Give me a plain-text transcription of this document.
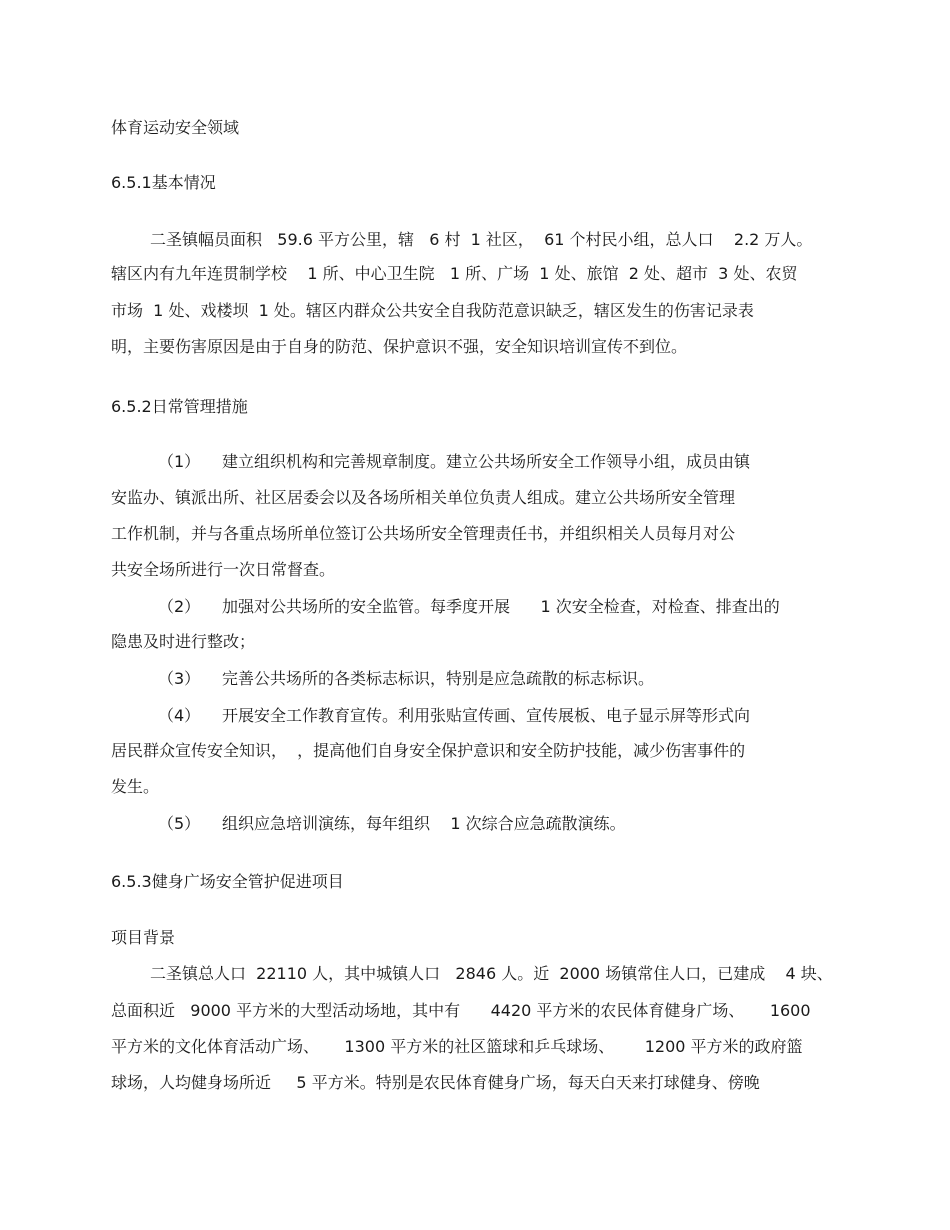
体育运动安全领域

6.5.1基本情况

二圣镇幅员面积   59.6 平方公里，辖   6 村  1 社区，  61 个村民小组，总人口    2.2 万人。

辖区内有九年连贯制学校    1 所、中心卫生院   1 所、广场  1 处、旅馆  2 处、超市  3 处、农贸

市场  1 处、戏楼坝  1 处。辖区内群众公共安全自我防范意识缺乏，辖区发生的伤害记录表

明，主要伤害原因是由于自身的防范、保护意识不强，安全知识培训宣传不到位。

6.5.2日常管理措施

（1） 建立组织机构和完善规章制度。建立公共场所安全工作领导小组，成员由镇

安监办、镇派出所、社区居委会以及各场所相关单位负责人组成。建立公共场所安全管理

工作机制，并与各重点场所单位签订公共场所安全管理责任书，并组织相关人员每月对公

共安全场所进行一次日常督查。

（2） 加强对公共场所的安全监管。每季度开展      1 次安全检查，对检查、排查出的

隐患及时进行整改；

（3） 完善公共场所的各类标志标识，特别是应急疏散的标志标识。

（4） 开展安全工作教育宣传。利用张贴宣传画、宣传展板、电子显示屏等形式向

居民群众宣传安全知识，  ，提高他们自身安全保护意识和安全防护技能，减少伤害事件的

发生。

（5） 组织应急培训演练，每年组织    1 次综合应急疏散演练。

6.5.3健身广场安全管护促进项目

项目背景

二圣镇总人口  22110 人，其中城镇人口   2846 人。近  2000 场镇常住人口，已建成    4 块、

总面积近   9000 平方米的大型活动场地，其中有      4420 平方米的农民体育健身广场、     1600

平方米的文化体育活动广场、     1300 平方米的社区篮球和乒乓球场、      1200 平方米的政府篮

球场，人均健身场所近     5 平方米。特别是农民体育健身广场，每天白天来打球健身、傍晚
